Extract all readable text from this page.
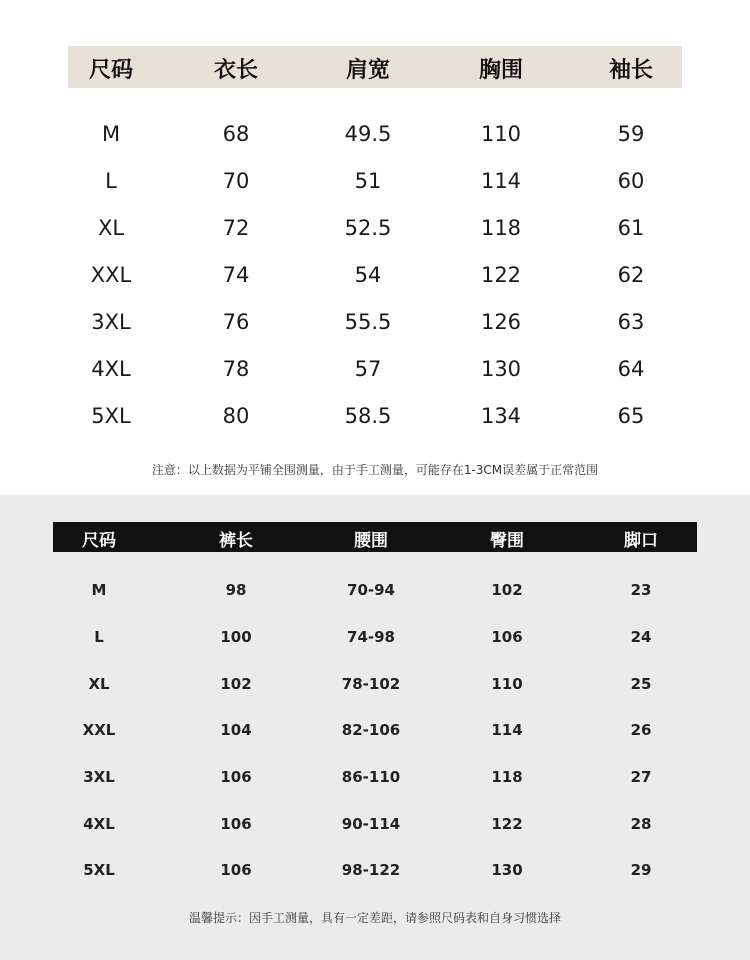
尺码	衣长	肩宽	胸围	袖长
M	68	49.5	110	59
L	70	51	114	60
XL	72	52.5	118	61
XXL	74	54	122	62
3XL	76	55.5	126	63
4XL	78	57	130	64
5XL	80	58.5	134	65
注意：以上数据为平铺全围测量，由于手工测量，可能存在1-3CM误差属于正常范围
尺码	裤长	腰围	臀围	脚口
M	98	70-94	102	23
L	100	74-98	106	24
XL	102	78-102	110	25
XXL	104	82-106	114	26
3XL	106	86-110	118	27
4XL	106	90-114	122	28
5XL	106	98-122	130	29
温馨提示：因手工测量，具有一定差距，请参照尺码表和自身习惯选择
